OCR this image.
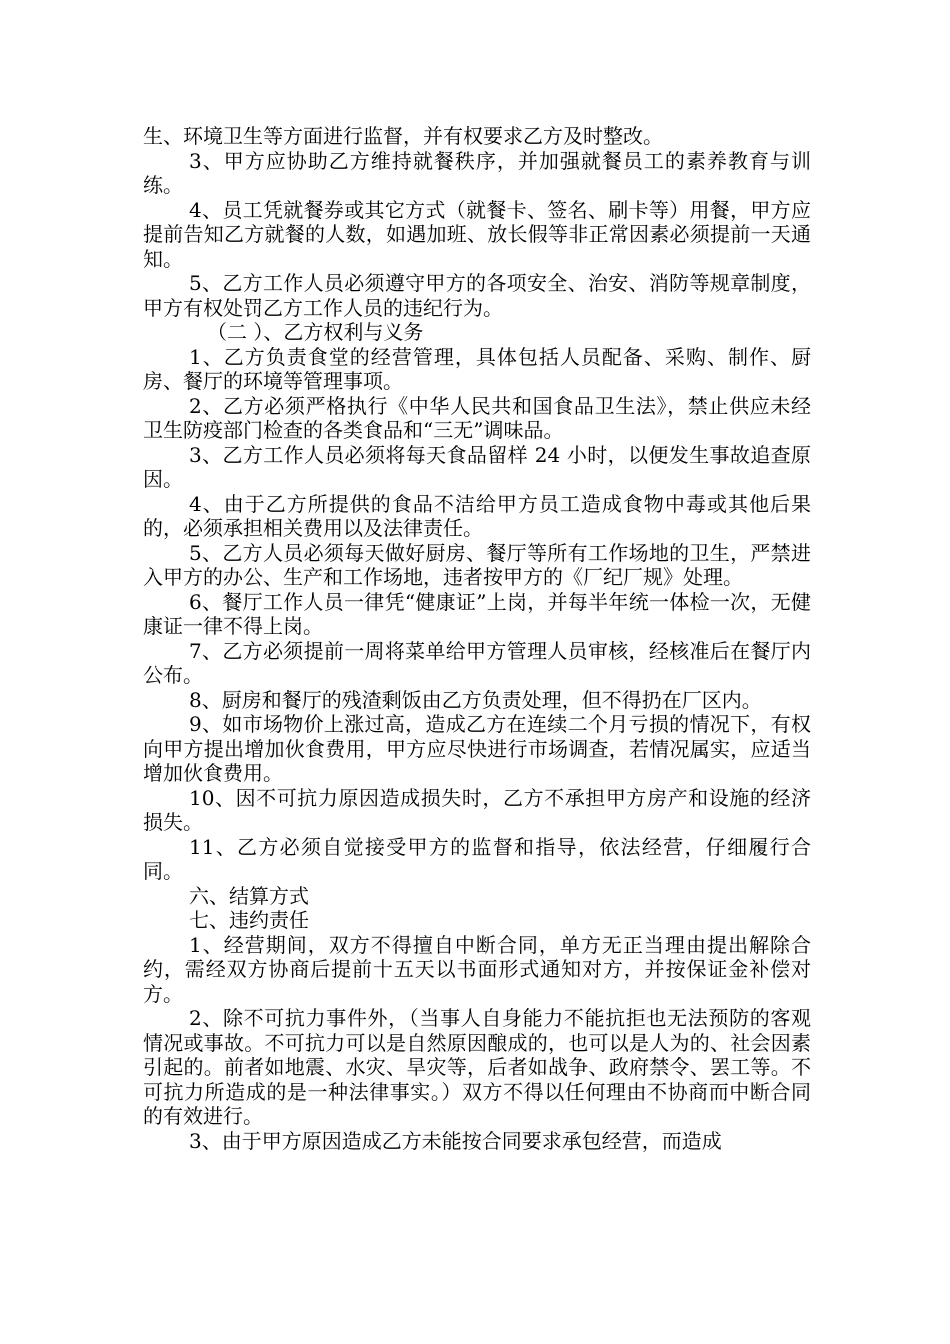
生、环境卫生等方面进行监督，并有权要求乙方及时整改。

3、甲方应协助乙方维持就餐秩序，并加强就餐员工的素养教育与训练。

4、员工凭就餐券或其它方式（就餐卡、签名、刷卡等）用餐，甲方应提前告知乙方就餐的人数，如遇加班、放长假等非正常因素必须提前一天通知。

5、乙方工作人员必须遵守甲方的各项安全、治安、消防等规章制度，甲方有权处罚乙方工作人员的违纪行为。

（二 ）、乙方权利与义务

1、乙方负责食堂的经营管理，具体包括人员配备、采购、制作、厨房、餐厅的环境等管理事项。

2、乙方必须严格执行《中华人民共和国食品卫生法》，禁止供应未经卫生防疫部门检查的各类食品和“三无”调味品。

3、乙方工作人员必须将每天食品留样 24 小时，以便发生事故追查原因。

4、由于乙方所提供的食品不洁给甲方员工造成食物中毒或其他后果的，必须承担相关费用以及法律责任。

5、乙方人员必须每天做好厨房、餐厅等所有工作场地的卫生，严禁进入甲方的办公、生产和工作场地，违者按甲方的《厂纪厂规》处理。

6、餐厅工作人员一律凭“健康证”上岗，并每半年统一体检一次，无健康证一律不得上岗。

7、乙方必须提前一周将菜单给甲方管理人员审核，经核准后在餐厅内公布。

8、厨房和餐厅的残渣剩饭由乙方负责处理，但不得扔在厂区内。

9、如市场物价上涨过高，造成乙方在连续二个月亏损的情况下，有权向甲方提出增加伙食费用，甲方应尽快进行市场调查，若情况属实，应适当增加伙食费用。

10、因不可抗力原因造成损失时，乙方不承担甲方房产和设施的经济损失。

11、乙方必须自觉接受甲方的监督和指导，依法经营，仔细履行合同。

六、结算方式

七、违约责任

1、经营期间，双方不得擅自中断合同，单方无正当理由提出解除合约，需经双方协商后提前十五天以书面形式通知对方，并按保证金补偿对方。

2、除不可抗力事件外，（当事人自身能力不能抗拒也无法预防的客观情况或事故。不可抗力可以是自然原因酿成的，也可以是人为的、社会因素引起的。前者如地震、水灾、旱灾等，后者如战争、政府禁令、罢工等。不可抗力所造成的是一种法律事实。）双方不得以任何理由不协商而中断合同的有效进行。

3、由于甲方原因造成乙方未能按合同要求承包经营，而造成
